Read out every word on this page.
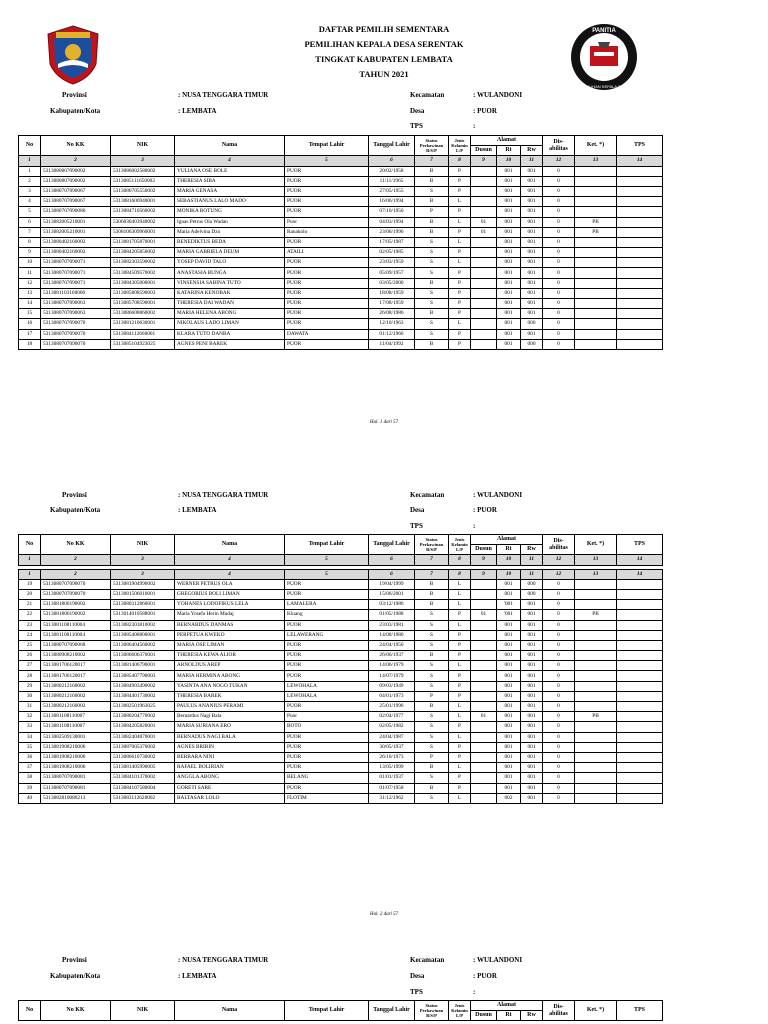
DAFTAR PEMILIH SEMENTARA
PEMILIHAN KEPALA DESA SERENTAK
TINGKAT KABUPATEN LEMBATA
TAHUN 2021
PANITIA
PEMILIHAN KEPALA DESA
Provinsi	: NUSA TENGGARA TIMUR
Kabupaten/Kota	: LEMBATA
Kecamatan	: WULANDONI
Desa	: PUOR
TPS	:
No	No KK	NIK	Nama	Tempat Lahir	Tanggal Lahir	Status Perkawinan B/S/P	Jenis Kelamin L/P	Alamat			Dis-abilitas	Ket. *)	TPS
								Dusun	Rt	Rw			
1	2	3	4	5	6	7	8	9	10	11	12	13	14
1	5313080807090002	5313086002580002	YULIANA OSE BOLE	PUOR	20/02/1958	B	P		001	001	0		
2	5313080807090002	5313085111650002	THERESIA SIBA	PUOR	11/11/1965	B	P		001	001	0		
3	5313080707090067	5313086705550002	MARIA GENASA	PUOR	27/05/1955	S	P		001	001	0		
4	5313080707090067	5313081606940001	SEBASTIANUS LALO MADO	PUOR	16/06/1994	B	L		001	001	0		
5	5313080707090080	5313084710560002	MONIKA BOTUNG	PUOR	07/10/1956	P	P		001	001	0		
6	5313082005210001	5306030403940002	Ignas Petrus Ola Wadan	Puor	04/03/1994	B	L	01	001	001	0	PB	
7	5313082005210001	5308106309960001	Maria Adelvina Dzo	Ranakolo	23/06/1996	B	P	01	001	001	0	PB	
8	5313080402160002	5313081705870001	BENEDIKTUS BEDA	PUOR	17/05/1987	S	L		001	001	0		
9	5313080402160002	5313084205850002	MARIA GABRIELA DEUM	ATAILI	02/05/1985	S	P		001	001	0		
10	5313080707090071	5313082303590002	YOSEP DAVID TALO	PUOR	23/03/1959	S	L		001	001	0		
11	5313080707090071	5313084509570002	ANASTASIA BUNGA	PUOR	05/09/1957	S	P		001	001	0		
12	5313080707090071	5313084305000001	VINSENSIA SABINA TUTO	PUOR	03/05/2000	B	P		001	001	0		
13	5313081103160006	5313085808590003	KATARINA KENOBAK	PUOR	18/08/1959	S	P		001	001	0		
14	5313080707090063	5313085708590001	THERESIA DAI WADAN	PUOR	17/08/1959	S	P		001	001	0		
15	5313080707090063	5313086608860002	MARIA HELENA ABONG	PUOR	26/08/1986	B	P		001	001	0		
16	5313080707090070	5313081210630001	NIKOLAUS LADO LIMAN	PUOR	12/10/1963	S	L		001	000	0		
17	5313080707090070	5313084112660001	KLARA TUTO DANBA	DAWATA	01/12/1966	S	P		001	001	0		
18	5313080707090070	5313085104923025	AGNES PENI BAREK	PUOR	11/04/1992	B	P		001	000	0		
Hal. 1 dari 57
Provinsi	: NUSA TENGGARA TIMUR
Kabupaten/Kota	: LEMBATA
Kecamatan	: WULANDONI
Desa	: PUOR
TPS	:
No	No KK	NIK	Nama	Tempat Lahir	Tanggal Lahir	Status Perkawinan B/S/P	Jenis Kelamin L/P	Alamat			Dis-abilitas	Ket. *)	TPS
								Dusun	Rt	Rw			
1	2	3	4	5	6	7	8	9	10	11	12	13	14

1	2	3	4	5	6	7	8	9	10	11	12	13	14
19	5313080707090070	5313081904990002	WERNER PETRUS OLA	PUOR	19/04/1999	B	L		001	000	0		
20	5313080707090070	5313081506010001	GREGORIUS BOLI LIMAN	PUOR	15/06/2001	B	L		001	000	0		
21	5313081806190002	5313080312860001	YOHANES LODOFIKUS LELA	LAMALERA	03/12/1986	B	L		'001	001	0		
22	5313081806190002	5313014010588001	Maria Yosefa Herin Mudaj	Kluang	01/05/1988	S	P	01	'001	001	0	PB	
23	5313081108110004	5313082303810002	BERNARDUS DANMAS	PUOR	23/03/1981	S	L		001	001	0		
24	5313081108110004	5313085408800001	PERPETUA KWEKO	LELAWERANG	14/08/1980	S	P		001	001	0		
25	5313080707090068	5313086404560002	MARIA OSE LIMAN	PUOR	24/04/1956	S	P		001	001	0		
26	5313080908210002	5313086606370001	THERESIA KEWA ALIOR	PUOR	26/06/1937	B	P		001	001	0		
27	5313081706120017	5313081406790001	ARNOLDUS AREP	PUOR	14/06/1979	S	L		001	001	0		
28	5313081706120017	5313085407790003	MARIA HERMINA ABONG	PUOR	14/07/1979	S	P		001	001	0		
29	5313080212160002	5313084903490002	YASINTA ANA NOGO TUKAN	LEWOHALA	09/03/1949	S	P		001	001	0		
30	5313080212160002	5313084401730002	THERESIA BAREK	LEWOHALA	04/01/1973	P	P		001	001	0		
31	5313080212160002	5313082501963025	PAULUS ANANIUS PERAMI	PUOR	25/01/1996	B	L		001	001	0		
32	5313081108110007	5313080204770002	Bernardus Nagi Bala	Puor	02/04/1977	S	L	01	001	001	0	PB	
33	5313081108110007	5313084205820001	MARIA SURIANA ERO	BOTO	02/05/1982	S	P		001	001	0		
34	5313082509130001	5313082404870001	BERNADUS NAGI BALA	PUOR	24/04/1987	S	L		001	001	0		
35	5313081908210006	5313087005370002	AGNES BRIBIN	PUOR	30/05/1937	S	P		001	001	0		
36	5313081908210006	5313086610730002	BERBARA NINI	PUOR	26/10/1973	P	P		001	001	0		
37	5313081908210006	5313081405990005	RAFAEL BOLIRIAN	PUOR	13/05/1999	B	L		001	001	0		
38	5313080707090081	5313084101370002	ANGGLA ABONG	BELANG	01/01/1937	S	P		001	001	0		
39	5313080707090081	5313084107580004	GORETI SARE	PUOR	01/07/1958	B	P		001	001	0		
40	5313082810080213	5313083112620002	BALTASAR LOLO	FLOTIM	31/12/1962	S	L		002	001	0		
Hal. 2 dari 57
Provinsi	: NUSA TENGGARA TIMUR
Kabupaten/Kota	: LEMBATA
Kecamatan	: WULANDONI
Desa	: PUOR
TPS	:
No	No KK	NIK	Nama	Tempat Lahir	Tanggal Lahir	Status Perkawinan B/S/P	Jenis Kelamin L/P	Alamat			Dis-abilitas	Ket. *)	TPS
								Dusun	Rt	Rw			
